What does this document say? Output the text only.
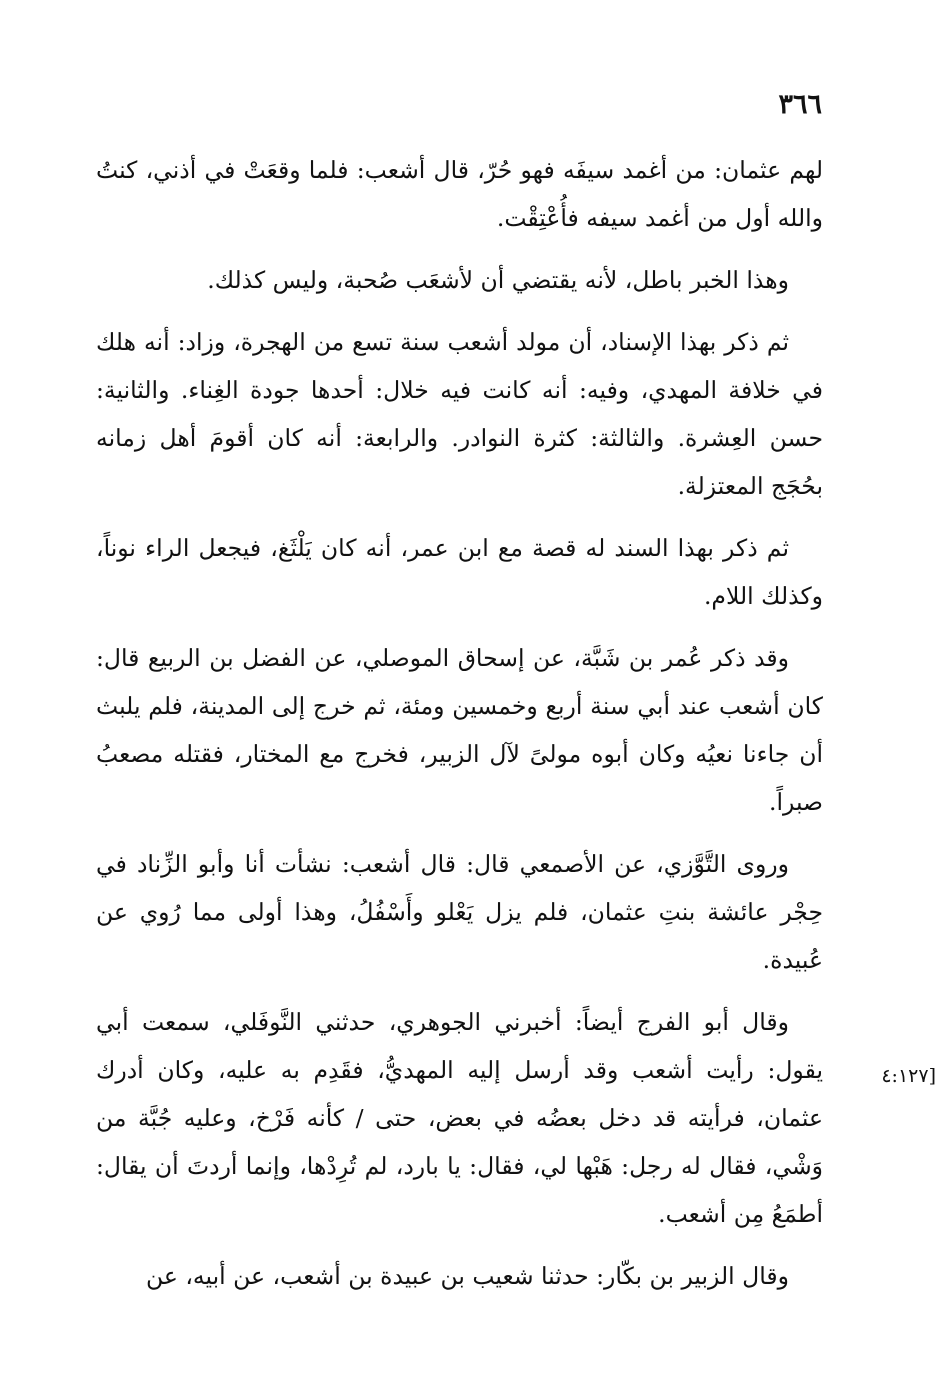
٣٦٦
[٤:١٢٧

لهم عثمان: من أغمد سيفَه فهو حُرّ، قال أشعب: فلما وقعَتْ في أذني، كنتُ والله أول من أغمد سيفه فأُعْتِقْت.

وهذا الخبر باطل، لأنه يقتضي أن لأشعَب صُحبة، وليس كذلك.

ثم ذكر بهذا الإسناد، أن مولد أشعب سنة تسع من الهجرة، وزاد: أنه هلك في خلافة المهدي، وفيه: أنه كانت فيه خلال: أحدها جودة الغِناء. والثانية: حسن العِشرة. والثالثة: كثرة النوادر. والرابعة: أنه كان أقومَ أهل زمانه بحُجَج المعتزلة.

ثم ذكر بهذا السند له قصة مع ابن عمر، أنه كان يَلْثَغ، فيجعل الراء نوناً، وكذلك اللام.

وقد ذكر عُمر بن شَبَّة، عن إسحاق الموصلي، عن الفضل بن الربيع قال: كان أشعب عند أبي سنة أربع وخمسين ومئة، ثم خرج إلى المدينة، فلم يلبث أن جاءنا نعيُه وكان أبوه مولىً لآل الزبير، فخرج مع المختار، فقتله مصعبُ صبراً.

وروى التَّوَّزي، عن الأصمعي قال: قال أشعب: نشأت أنا وأبو الزِّناد في حِجْر عائشة بنتِ عثمان، فلم يزل يَعْلو وأَسْفُلُ، وهذا أولى مما رُوي عن عُبيدة.

وقال أبو الفرج أيضاً: أخبرني الجوهري، حدثني النَّوفَلي، سمعت أبي يقول: رأيت أشعب وقد أرسل إليه المهديُّ، فقَدِم به عليه، وكان أدرك عثمان، فرأيته قد دخل بعضُه في بعض، حتى / كأنه فَرْخ، وعليه جُبَّة من وَشْي، فقال له رجل: هَبْها لي، فقال: يا بارد، لم تُرِدْها، وإنما أردتَ أن يقال: أطمَعُ مِن أشعب.

وقال الزبير بن بكّار: حدثنا شعيب بن عبيدة بن أشعب، عن أبيه، عن
